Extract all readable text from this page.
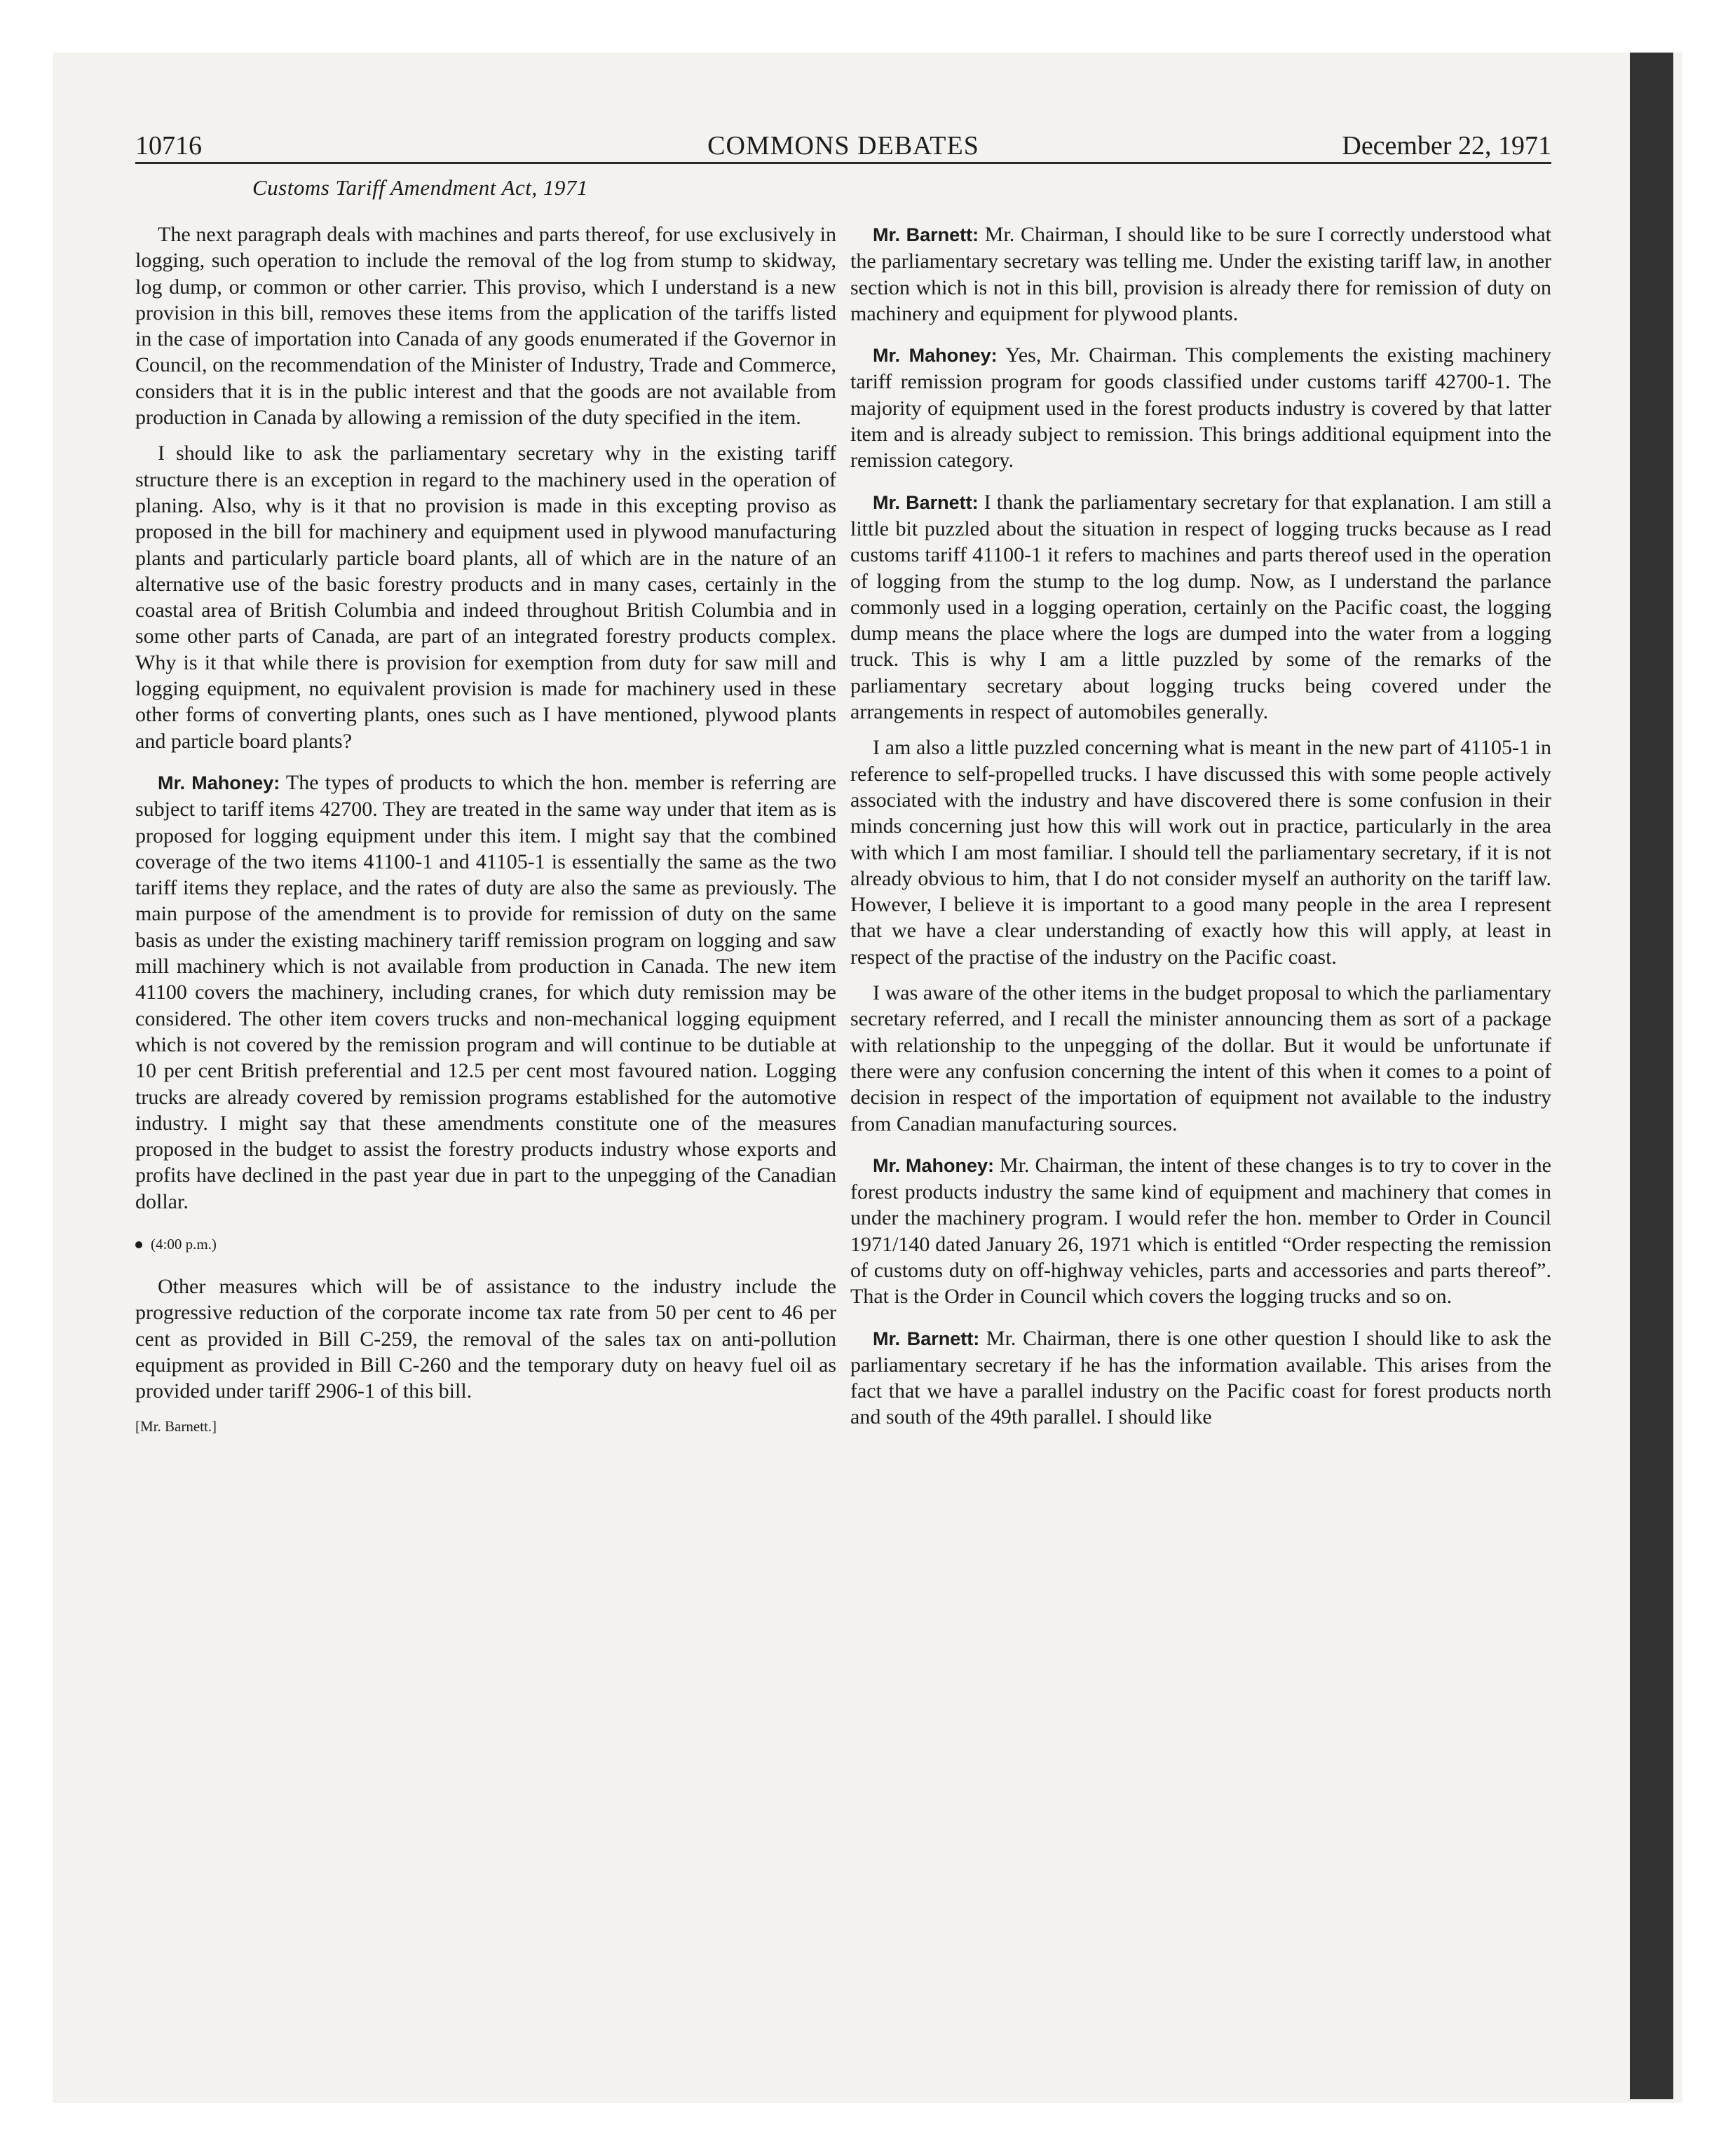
10716	COMMONS DEBATES	December 22, 1971
Customs Tariff Amendment Act, 1971

The next paragraph deals with machines and parts thereof, for use exclusively in logging, such operation to include the removal of the log from stump to skidway, log dump, or common or other carrier. This proviso, which I understand is a new provision in this bill, removes these items from the application of the tariffs listed in the case of importation into Canada of any goods enumerated if the Governor in Council, on the recommendation of the Minister of Industry, Trade and Commerce, considers that it is in the public interest and that the goods are not available from production in Canada by allowing a remission of the duty specified in the item.

I should like to ask the parliamentary secretary why in the existing tariff structure there is an exception in regard to the machinery used in the operation of planing. Also, why is it that no provision is made in this excepting proviso as proposed in the bill for machinery and equipment used in plywood manufacturing plants and particularly particle board plants, all of which are in the nature of an alternative use of the basic forestry products and in many cases, certainly in the coastal area of British Columbia and indeed throughout British Columbia and in some other parts of Canada, are part of an integrated forestry products complex. Why is it that while there is provision for exemption from duty for saw mill and logging equipment, no equivalent provision is made for machinery used in these other forms of converting plants, ones such as I have mentioned, plywood plants and particle board plants?

Mr. Mahoney: The types of products to which the hon. member is referring are subject to tariff items 42700. They are treated in the same way under that item as is proposed for logging equipment under this item. I might say that the combined coverage of the two items 41100-1 and 41105-1 is essentially the same as the two tariff items they replace, and the rates of duty are also the same as previously. The main purpose of the amendment is to provide for remission of duty on the same basis as under the existing machinery tariff remission program on logging and saw mill machinery which is not available from production in Canada. The new item 41100 covers the machinery, including cranes, for which duty remission may be considered. The other item covers trucks and non-mechanical logging equipment which is not covered by the remission program and will continue to be dutiable at 10 per cent British preferential and 12.5 per cent most favoured nation. Logging trucks are already covered by remission programs established for the automotive industry. I might say that these amendments constitute one of the measures proposed in the budget to assist the forestry products industry whose exports and profits have declined in the past year due in part to the unpegging of the Canadian dollar.

(4:00 p.m.)

Other measures which will be of assistance to the industry include the progressive reduction of the corporate income tax rate from 50 per cent to 46 per cent as provided in Bill C-259, the removal of the sales tax on anti-pollution equipment as provided in Bill C-260 and the temporary duty on heavy fuel oil as provided under tariff 2906-1 of this bill.

[Mr. Barnett.]

Mr. Barnett: Mr. Chairman, I should like to be sure I correctly understood what the parliamentary secretary was telling me. Under the existing tariff law, in another section which is not in this bill, provision is already there for remission of duty on machinery and equipment for plywood plants.

Mr. Mahoney: Yes, Mr. Chairman. This complements the existing machinery tariff remission program for goods classified under customs tariff 42700-1. The majority of equipment used in the forest products industry is covered by that latter item and is already subject to remission. This brings additional equipment into the remission category.

Mr. Barnett: I thank the parliamentary secretary for that explanation. I am still a little bit puzzled about the situation in respect of logging trucks because as I read customs tariff 41100-1 it refers to machines and parts thereof used in the operation of logging from the stump to the log dump. Now, as I understand the parlance commonly used in a logging operation, certainly on the Pacific coast, the logging dump means the place where the logs are dumped into the water from a logging truck. This is why I am a little puzzled by some of the remarks of the parliamentary secretary about logging trucks being covered under the arrangements in respect of automobiles generally.

I am also a little puzzled concerning what is meant in the new part of 41105-1 in reference to self-propelled trucks. I have discussed this with some people actively associated with the industry and have discovered there is some confusion in their minds concerning just how this will work out in practice, particularly in the area with which I am most familiar. I should tell the parliamentary secretary, if it is not already obvious to him, that I do not consider myself an authority on the tariff law. However, I believe it is important to a good many people in the area I represent that we have a clear understanding of exactly how this will apply, at least in respect of the practise of the industry on the Pacific coast.

I was aware of the other items in the budget proposal to which the parliamentary secretary referred, and I recall the minister announcing them as sort of a package with relationship to the unpegging of the dollar. But it would be unfortunate if there were any confusion concerning the intent of this when it comes to a point of decision in respect of the importation of equipment not available to the industry from Canadian manufacturing sources.

Mr. Mahoney: Mr. Chairman, the intent of these changes is to try to cover in the forest products industry the same kind of equipment and machinery that comes in under the machinery program. I would refer the hon. member to Order in Council 1971/140 dated January 26, 1971 which is entitled “Order respecting the remission of customs duty on off-highway vehicles, parts and accessories and parts thereof”. That is the Order in Council which covers the logging trucks and so on.

Mr. Barnett: Mr. Chairman, there is one other question I should like to ask the parliamentary secretary if he has the information available. This arises from the fact that we have a parallel industry on the Pacific coast for forest products north and south of the 49th parallel. I should like
